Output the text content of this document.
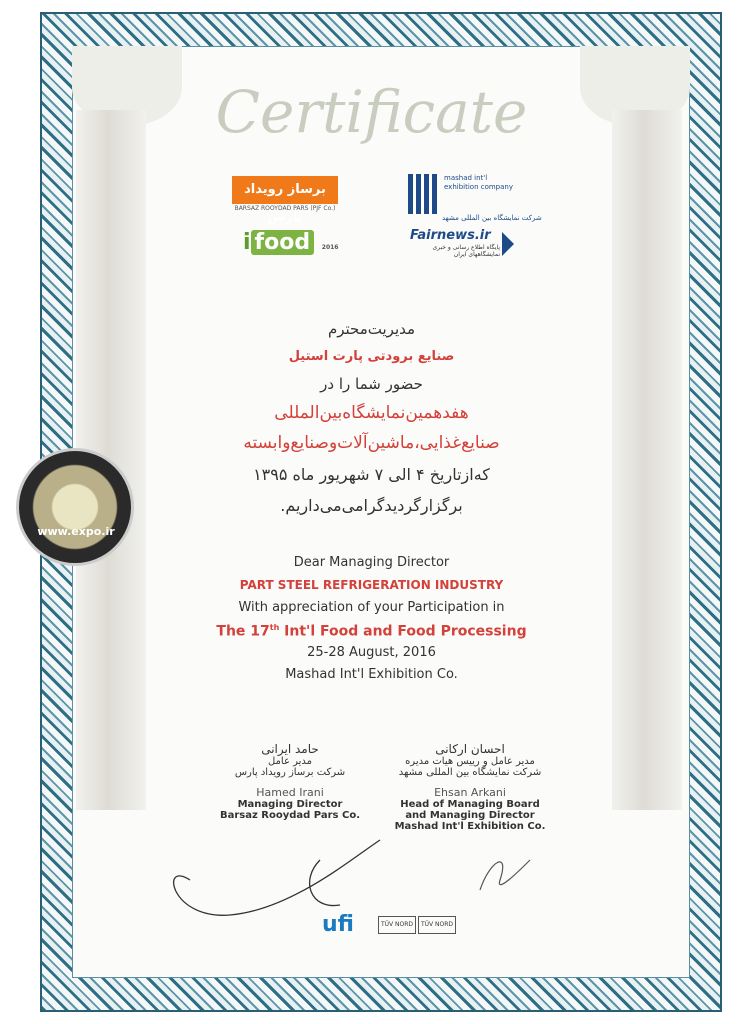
Certificate
برساز رویداد پارس
BARSAZ ROOYDAD PARS (PJF Co.)
i food 2016
mashad int'l exhibition company
شرکت نمایشگاه بین المللی مشهد
Fairnews.ir
پایگاه اطلاع رسانی و خبری نمایشگاههای ایران
مدیریت‌محترم
صنایع برودتی پارت استیل
حضور شما را در
هفدهمین‌نمایشگاه‌بین‌المللی
صنایع‌غذایی،ماشین‌آلات‌و‌صنایع‌وابسته
که‌از‌تاریخ ۴ الی ۷ شهریور ماه ۱۳۹۵
برگزار‌گردید‌گرامی‌می‌داریم.
www.expo.ir
Dear Managing Director
PART STEEL REFRIGERATION INDUSTRY
With appreciation of your Participation in
The 17th Int'l Food and Food Processing
25-28 August, 2016
Mashad Int'l Exhibition Co.
حامد ایرانی
مدیر عامل
شرکت برساز رویداد پارس
Hamed Irani
Managing Director
Barsaz Rooydad Pars Co.
احسان ارکانی
مدیر عامل و رییس هیات مدیره
شرکت نمایشگاه بین المللی مشهد
Ehsan Arkani
Head of Managing Board
and Managing Director
Mashad Int'l Exhibition Co.
ufi	TÜV NORD	TÜV NORD
